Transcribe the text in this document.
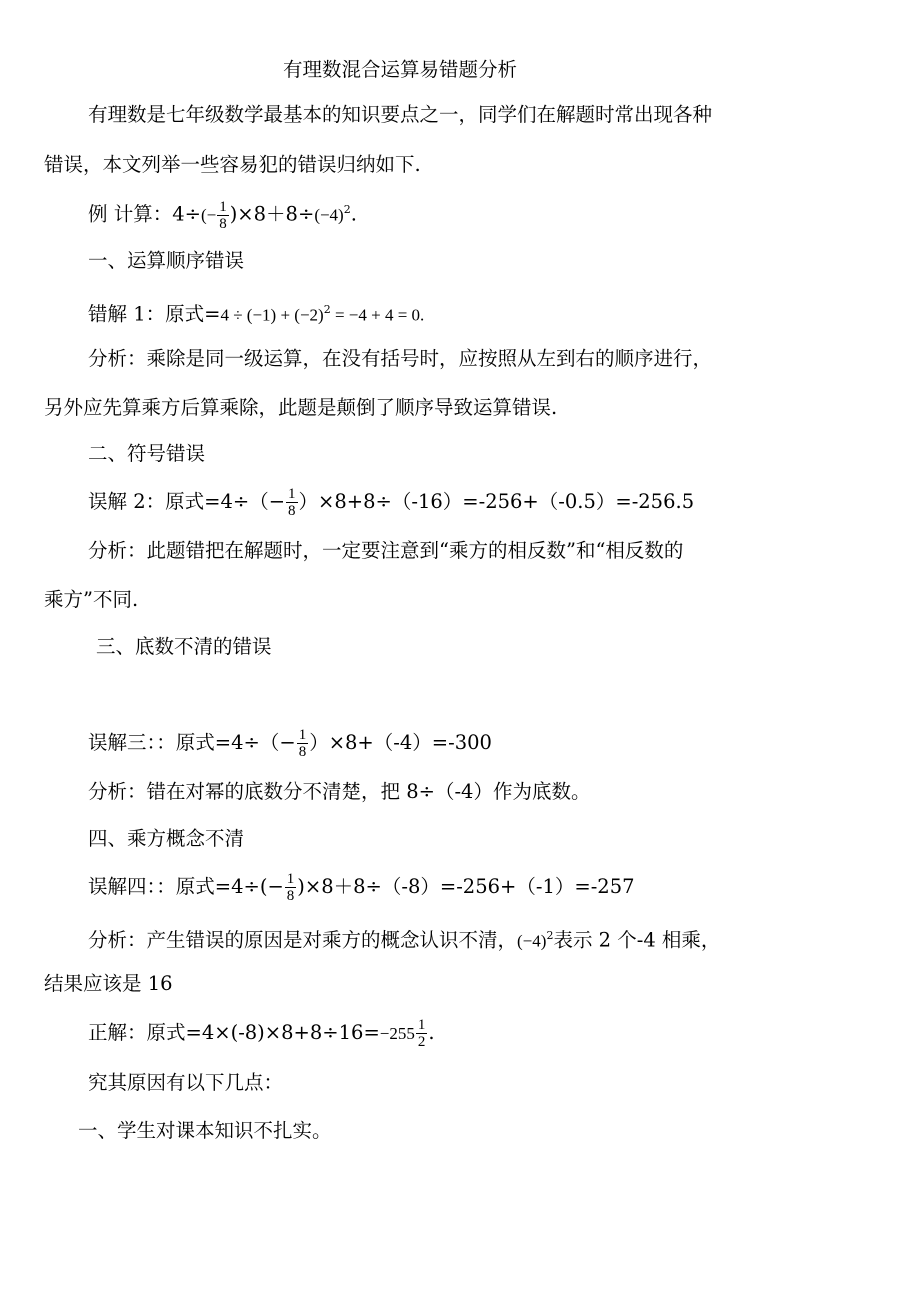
有理数混合运算易错题分析
有理数是七年级数学最基本的知识要点之一，同学们在解题时常出现各种
错误，本文列举一些容易犯的错误归纳如下.
例 计算：$4\div(- \frac{1}{8} )\times 8+8\div(-4)^2$.
一、运算顺序错误
错解 1：原式$=4 \div (-1) + (-2)^2 = -4 + 4 = 0$.
分析：乘除是同一级运算，在没有括号时，应按照从左到右的顺序进行，
另外应先算乘方后算乘除，此题是颠倒了顺序导致运算错误.
二、符号错误
误解 2：原式$=4\div(- \frac{1}{8} )\times 8+8\div(-16)=-256+(-0.5)=-256.5$
分析：此题错把在解题时，一定要注意到“乘方的相反数”和“相反数的
乘方”不同.
三、底数不清的错误
误解三：：原式$=4\div(- \frac{1}{8} )\times 8+(-4)=-300$
分析：错在对幂的底数分不清楚，把 8÷（-4）作为底数。
四、乘方概念不清
误解四：：原式$=4\div(- \frac{1}{8} )\times 8+8\div(-8)=-256+(-1)=-257$
分析：产生错误的原因是对乘方的概念认识不清，$(-4)^2$表示 2 个-4 相乘，
结果应该是 16
正解：原式$=4\times(-8)\times 8+8\div 16=-255 \frac{1}{2}$ .
究其原因有以下几点：
一、学生对课本知识不扎实。
